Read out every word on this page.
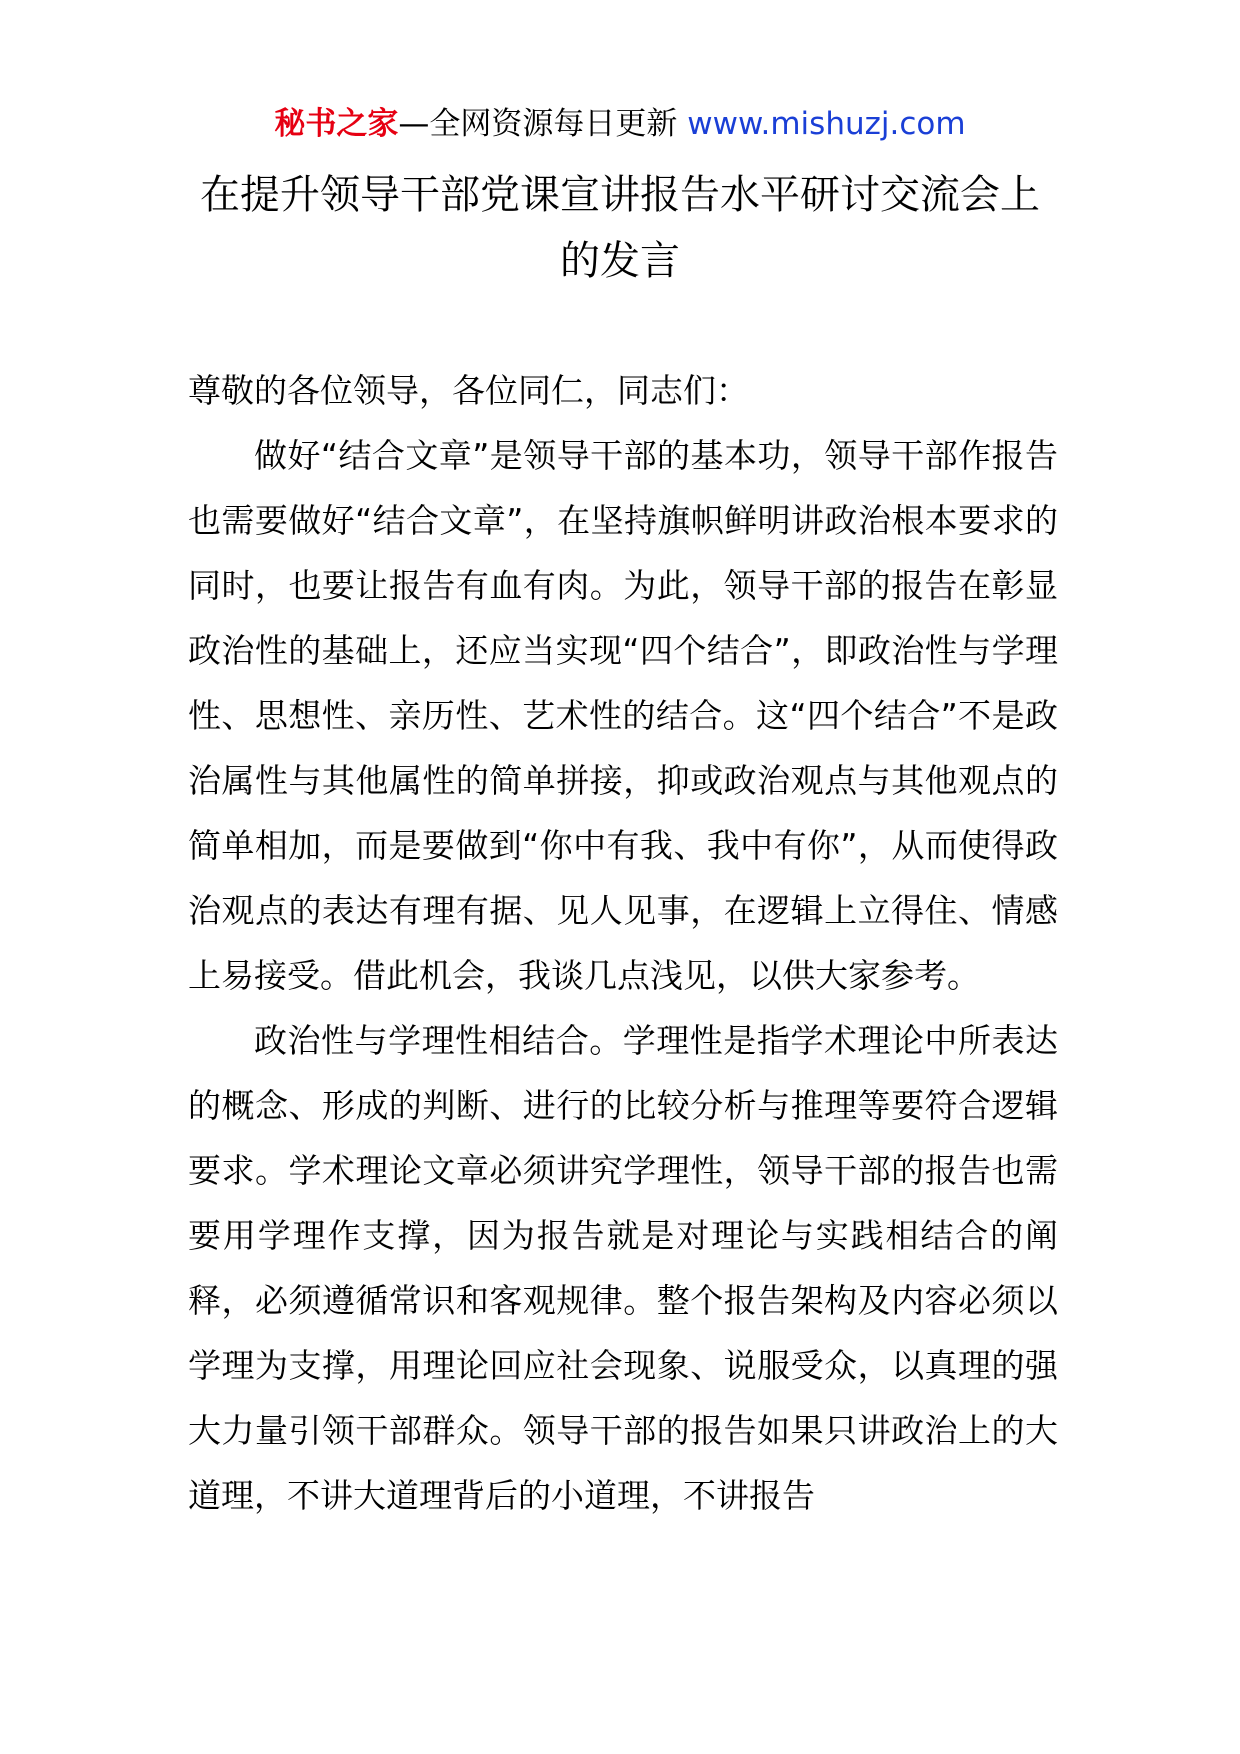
秘书之家—全网资源每日更新 www.mishuzj.com
在提升领导干部党课宣讲报告水平研讨交流会上的发言

尊敬的各位领导，各位同仁，同志们：

做好“结合文章”是领导干部的基本功，领导干部作报告也需要做好“结合文章”，在坚持旗帜鲜明讲政治根本要求的同时，也要让报告有血有肉。为此，领导干部的报告在彰显政治性的基础上，还应当实现“四个结合”，即政治性与学理性、思想性、亲历性、艺术性的结合。这“四个结合”不是政治属性与其他属性的简单拼接，抑或政治观点与其他观点的简单相加，而是要做到“你中有我、我中有你”，从而使得政治观点的表达有理有据、见人见事，在逻辑上立得住、情感上易接受。借此机会，我谈几点浅见，以供大家参考。

政治性与学理性相结合。学理性是指学术理论中所表达的概念、形成的判断、进行的比较分析与推理等要符合逻辑要求。学术理论文章必须讲究学理性，领导干部的报告也需要用学理作支撑，因为报告就是对理论与实践相结合的阐释，必须遵循常识和客观规律。整个报告架构及内容必须以学理为支撑，用理论回应社会现象、说服受众，以真理的强大力量引领干部群众。领导干部的报告如果只讲政治上的大道理，不讲大道理背后的小道理，不讲报告
